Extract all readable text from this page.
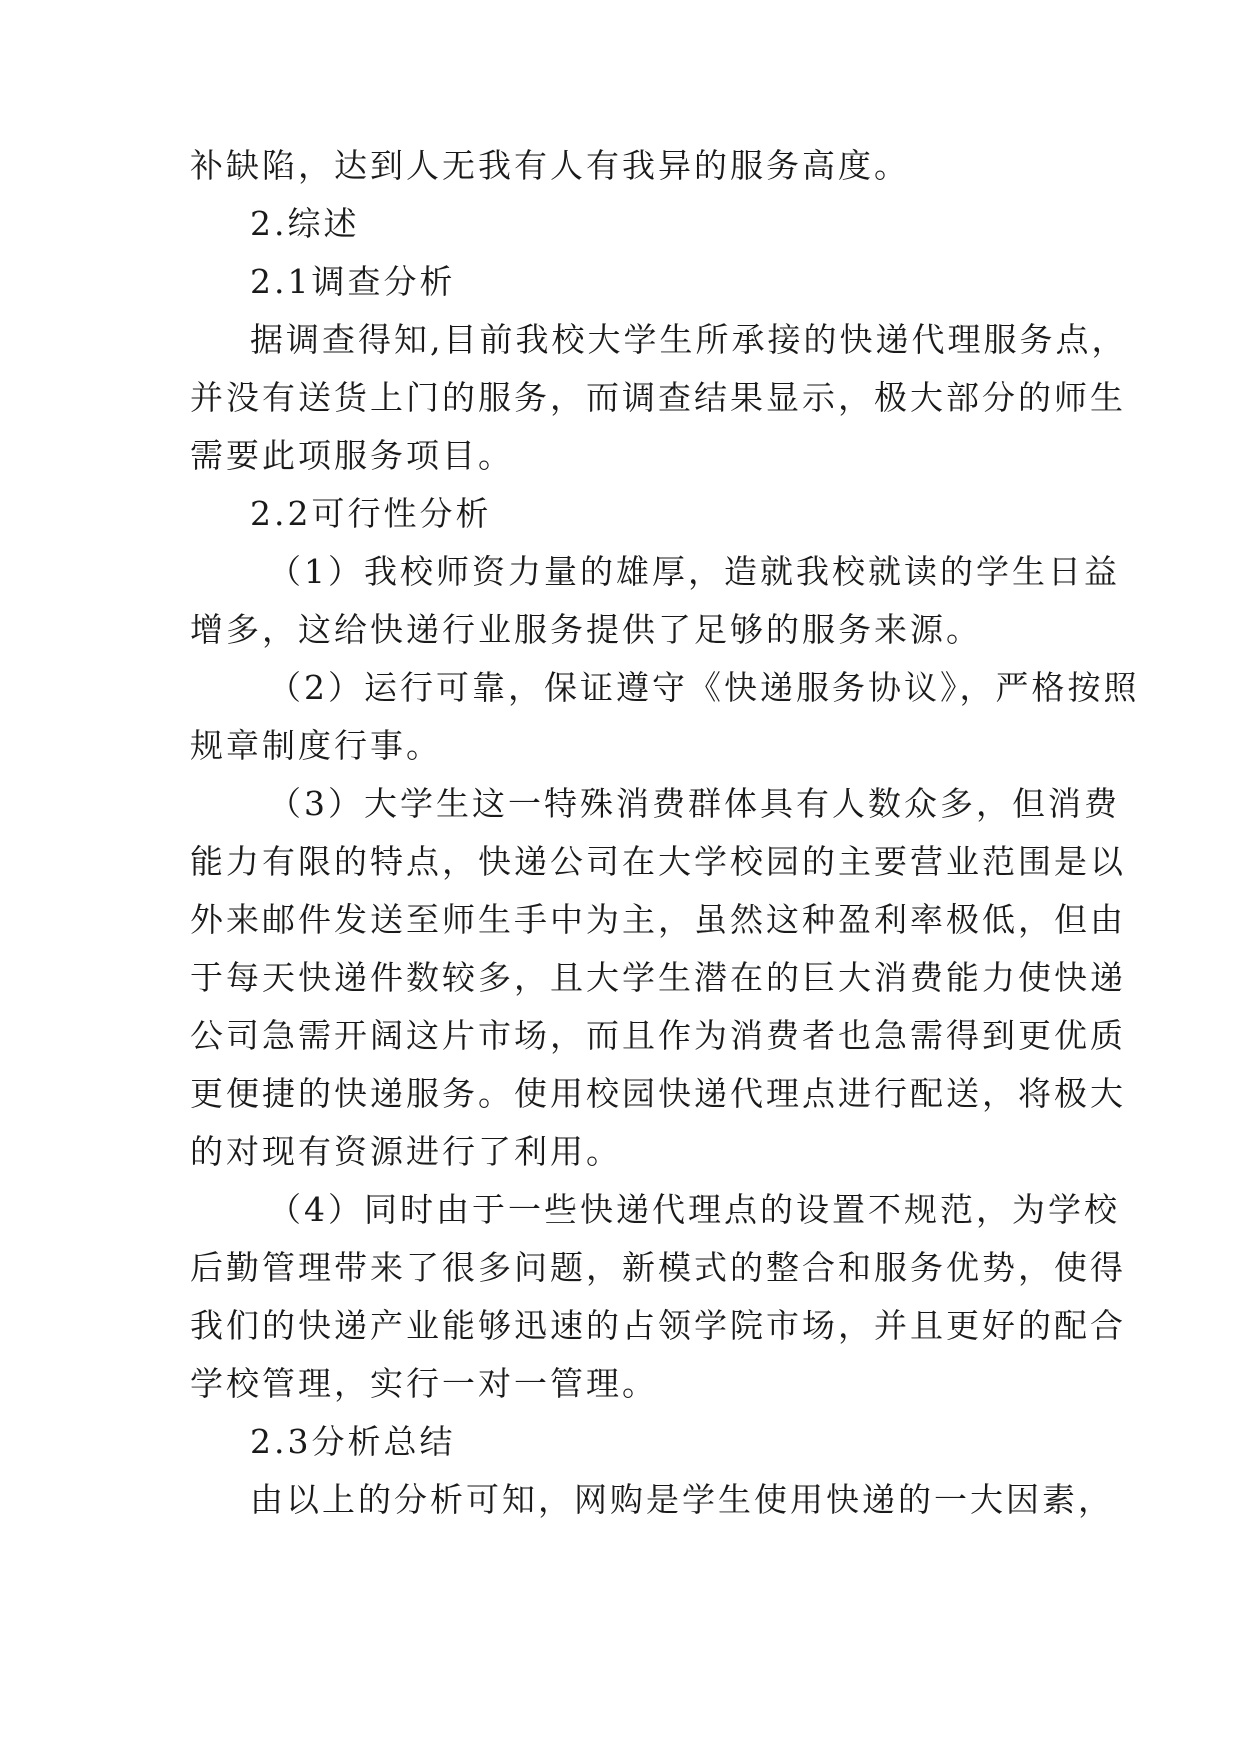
补缺陷，达到人无我有人有我异的服务高度。
2.综述
2.1调查分析
据调查得知,目前我校大学生所承接的快递代理服务点，
并没有送货上门的服务，而调查结果显示，极大部分的师生
需要此项服务项目。
2.2可行性分析
（1）我校师资力量的雄厚，造就我校就读的学生日益
增多，这给快递行业服务提供了足够的服务来源。
（2）运行可靠，保证遵守《快递服务协议》，严格按照
规章制度行事。
（3）大学生这一特殊消费群体具有人数众多，但消费
能力有限的特点，快递公司在大学校园的主要营业范围是以
外来邮件发送至师生手中为主，虽然这种盈利率极低，但由
于每天快递件数较多，且大学生潜在的巨大消费能力使快递
公司急需开阔这片市场，而且作为消费者也急需得到更优质
更便捷的快递服务。使用校园快递代理点进行配送，将极大
的对现有资源进行了利用。
（4）同时由于一些快递代理点的设置不规范，为学校
后勤管理带来了很多问题，新模式的整合和服务优势，使得
我们的快递产业能够迅速的占领学院市场，并且更好的配合
学校管理，实行一对一管理。
2.3分析总结
由以上的分析可知，网购是学生使用快递的一大因素，
